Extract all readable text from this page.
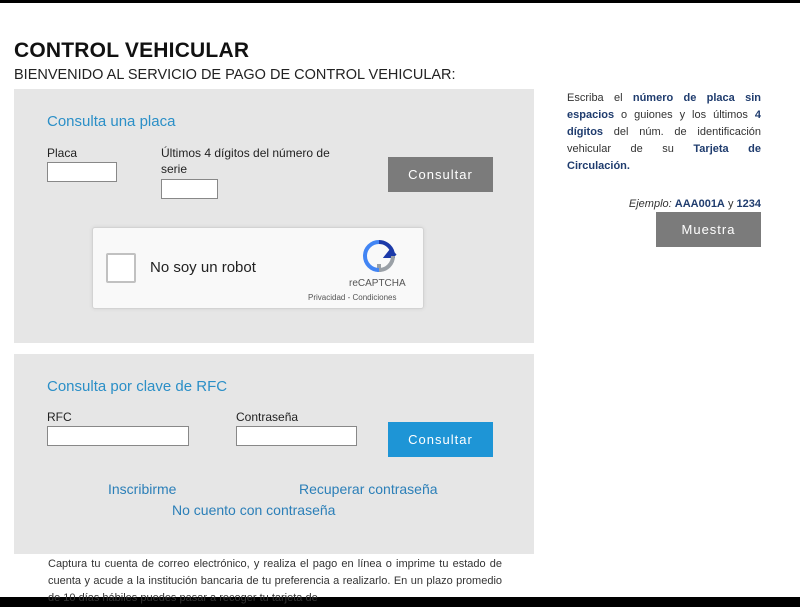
CONTROL VEHICULAR
BIENVENIDO AL SERVICIO DE PAGO DE CONTROL VEHICULAR:
Consulta una placa
Placa	Últimos 4 dígitos del número de serie	Consultar
No soy un robot
reCAPTCHA
Privacidad - Condiciones
Consulta por clave de RFC
RFC	Contraseña
Consultar
Inscribirme	Recuperar contraseña
No cuento con contraseña
Escriba el número de placa sin espacios o guiones y los últimos 4 dígitos del núm. de identificación vehicular de su Tarjeta de Circulación.
Ejemplo: AAA001A y 1234
Muestra
Captura tu cuenta de correo electrónico, y realiza el pago en línea o imprime tu estado de cuenta y acude a la institución bancaria de tu preferencia a realizarlo. En un plazo promedio de 10 días hábiles puedes pasar a recoger tu tarjeta de
